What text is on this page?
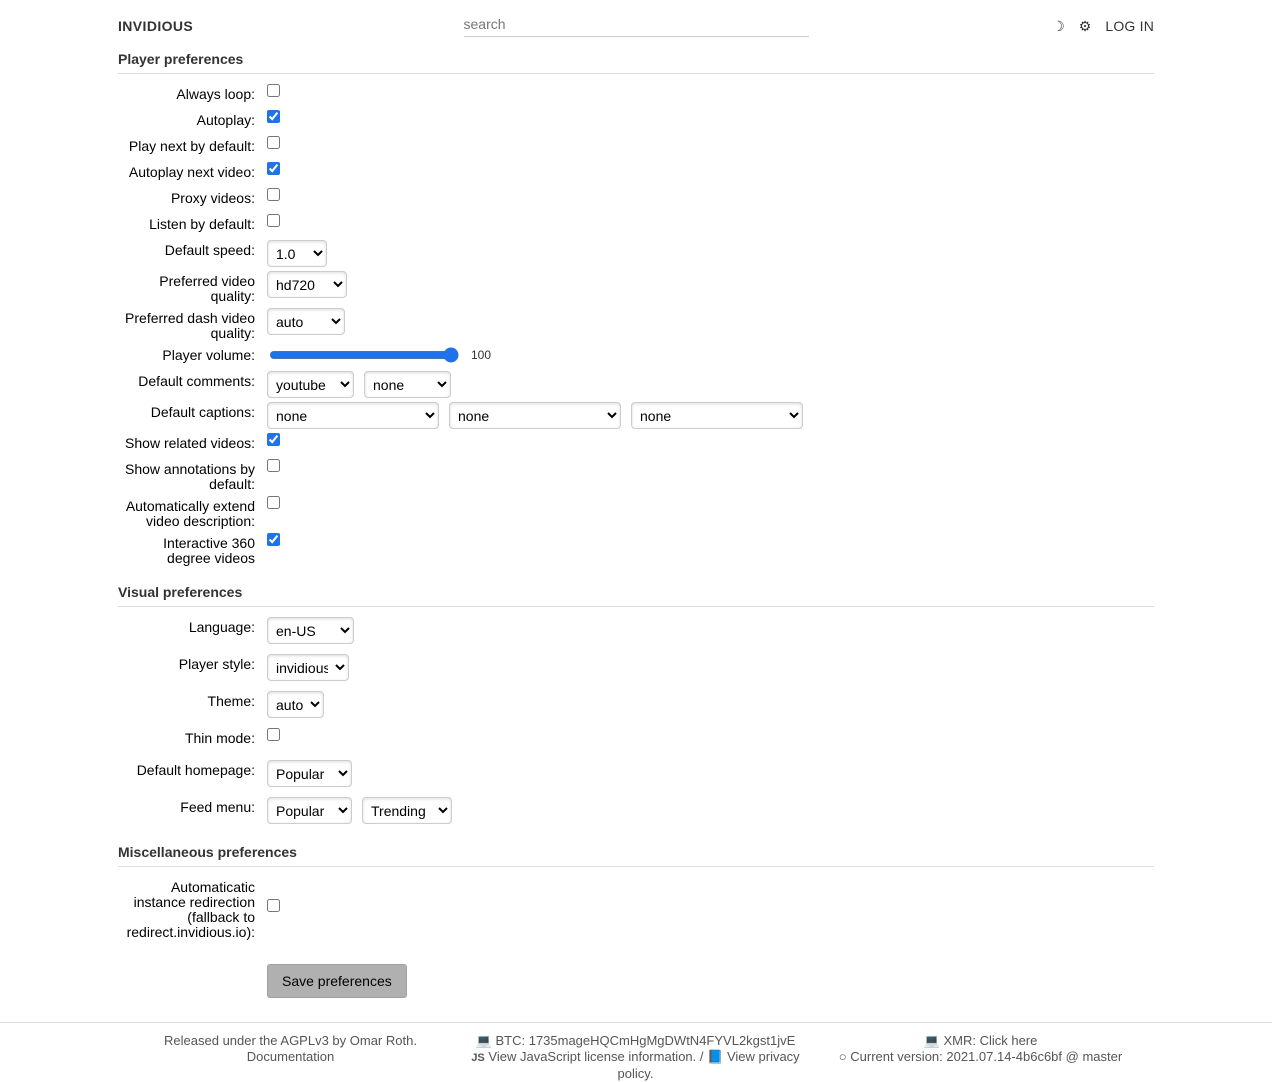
INVIDIOUS
search	☽ ⚙ LOG IN
Player preferences
Always loop:
Autoplay:
Play next by default:
Autoplay next video:
Proxy videos:
Listen by default:
Default speed:
1.0
Preferred video quality:
hd720
Preferred dash video quality:
auto
Player volume:	100
Default comments:
youtube
none
Default captions:
none
none
none
Show related videos:
Show annotations by default:
Automatically extend video description:
Interactive 360 degree videos
Visual preferences
Language:
en-US
Player style:
invidious
Theme:
auto
Thin mode:
Default homepage:
Popular
Feed menu:
Popular
Trending
Miscellaneous preferences
Automaticatic instance redirection (fallback to redirect.invidious.io):
Save preferences
Released under the AGPLv3 by Omar Roth.
Documentation
💻 BTC: 1735mageHQCmHgMgDWtN4FYVL2kgst1jvE
JS View JavaScript license information. / 📘 View privacy policy.
💻 XMR: Click here
○ Current version: 2021.07.14-4b6c6bf @ master
